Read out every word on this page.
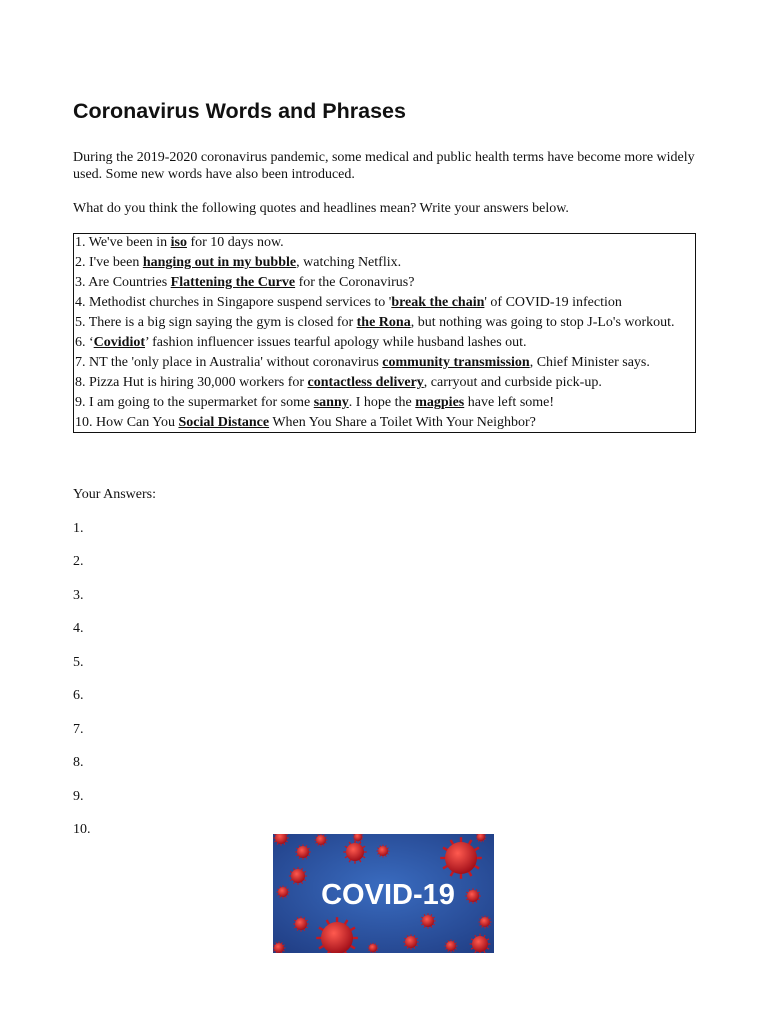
Coronavirus Words and Phrases

During the 2019-2020 coronavirus pandemic, some medical and public health terms have become more widely used. Some new words have also been introduced.

What do you think the following quotes and headlines mean? Write your answers below.

1. We've been in iso for 10 days now.

2. I've been hanging out in my bubble, watching Netflix.

3. Are Countries Flattening the Curve for the Coronavirus?

4. Methodist churches in Singapore suspend services to 'break the chain' of COVID-19 infection

5. There is a big sign saying the gym is closed for the Rona, but nothing was going to stop J-Lo's workout.

6. ‘Covidiot’ fashion influencer issues tearful apology while husband lashes out.

7. NT the 'only place in Australia' without coronavirus community transmission, Chief Minister says.

8. Pizza Hut is hiring 30,000 workers for contactless delivery, carryout and curbside pick-up.

9. I am going to the supermarket for some sanny. I hope the magpies have left some!

10. How Can You Social Distance When You Share a Toilet With Your Neighbor?

Your Answers:

1.

2.

3.

4.

5.

6.

7.

8.

9.

10.

COVID-19
